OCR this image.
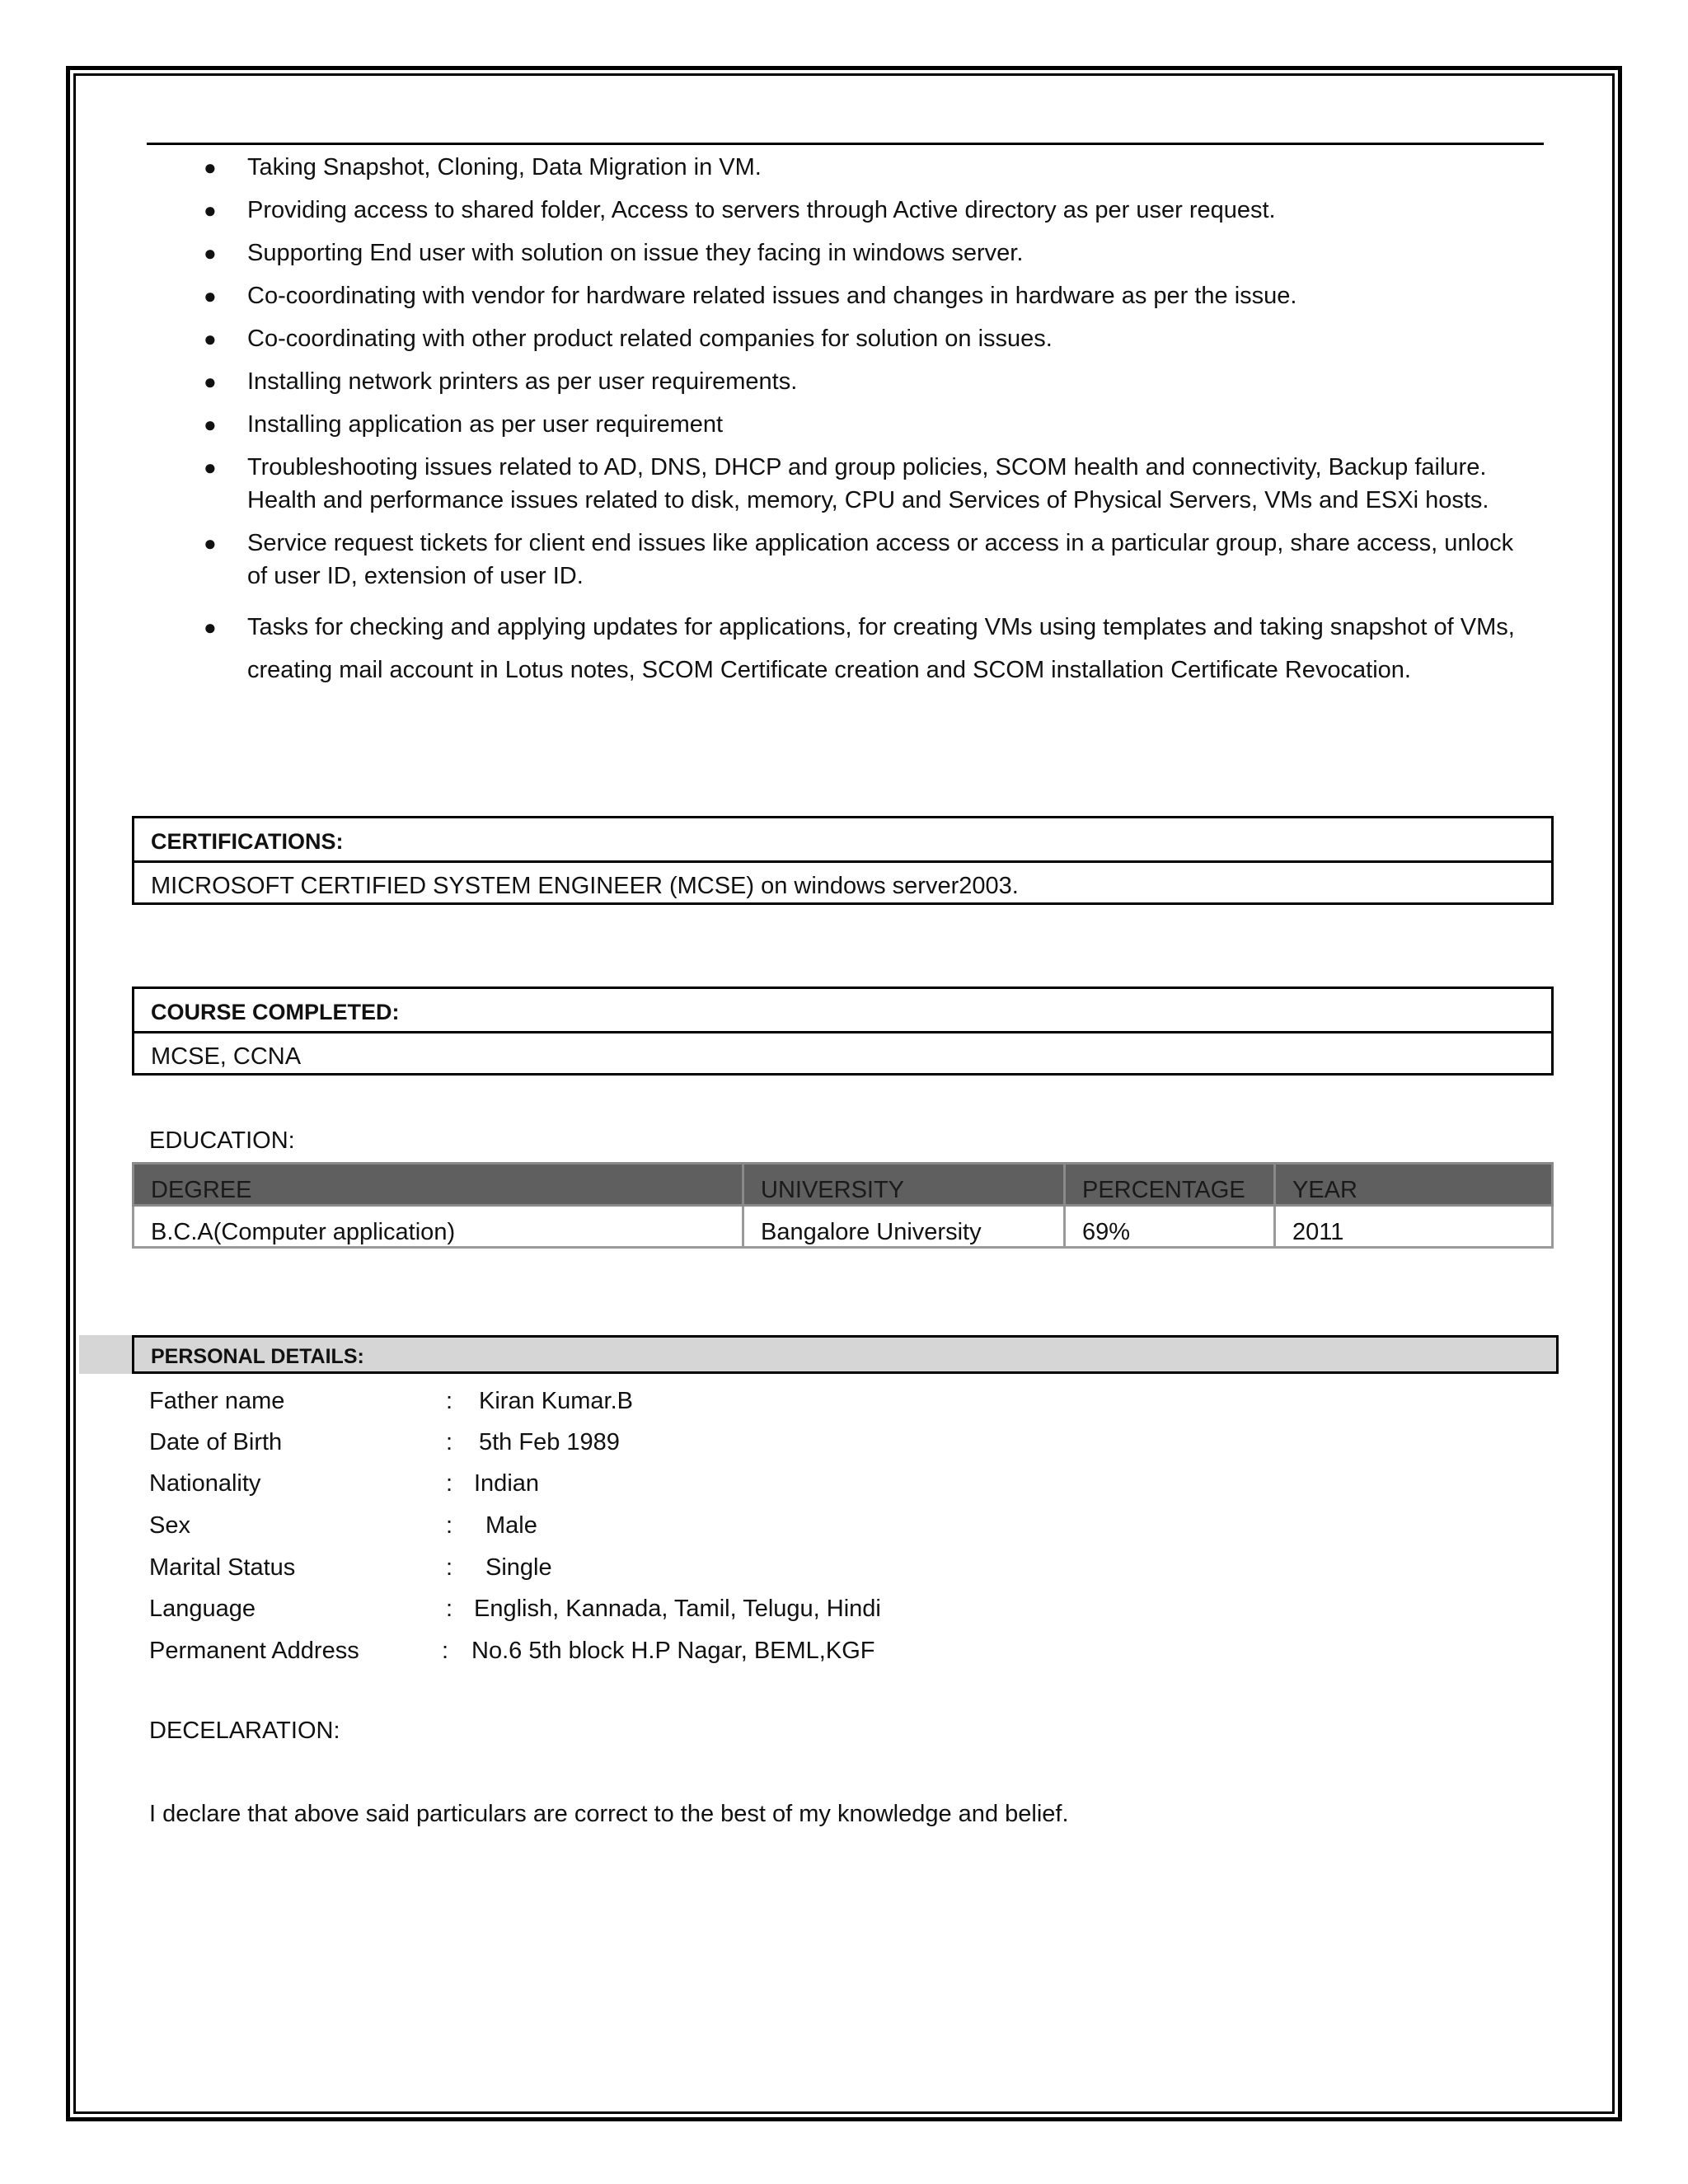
● Taking Snapshot, Cloning, Data Migration in VM.
● Providing access to shared folder, Access to servers through Active directory as per user request.
● Supporting End user with solution on issue they facing in windows server.
● Co-coordinating with vendor for hardware related issues and changes in hardware as per the issue.
● Co-coordinating with other product related companies for solution on issues.
● Installing network printers as per user requirements.
● Installing application as per user requirement
● Troubleshooting issues related to AD, DNS, DHCP and group policies, SCOM health and connectivity, Backup failure. Health and performance issues related to disk, memory, CPU and Services of Physical Servers, VMs and ESXi hosts.
● Service request tickets for client end issues like application access or access in a particular group, share access, unlock of user ID, extension of user ID.
● Tasks for checking and applying updates for applications, for creating VMs using templates and taking snapshot of VMs, creating mail account in Lotus notes, SCOM Certificate creation and SCOM installation Certificate Revocation.
CERTIFICATIONS:
MICROSOFT CERTIFIED SYSTEM ENGINEER (MCSE) on windows server2003.
COURSE COMPLETED:
MCSE, CCNA
EDUCATION:
DEGREE	UNIVERSITY	PERCENTAGE	YEAR
B.C.A(Computer application)	Bangalore University	69%	2011
PERSONAL DETAILS:
Father name	: Kiran Kumar.B
Date of Birth	: 5th Feb 1989
Nationality	: Indian
Sex	: Male
Marital Status	: Single
Language	: English, Kannada, Tamil, Telugu, Hindi
Permanent Address	: No.6 5th block H.P Nagar, BEML,KGF
DECELARATION:
I declare that above said particulars are correct to the best of my knowledge and belief.
